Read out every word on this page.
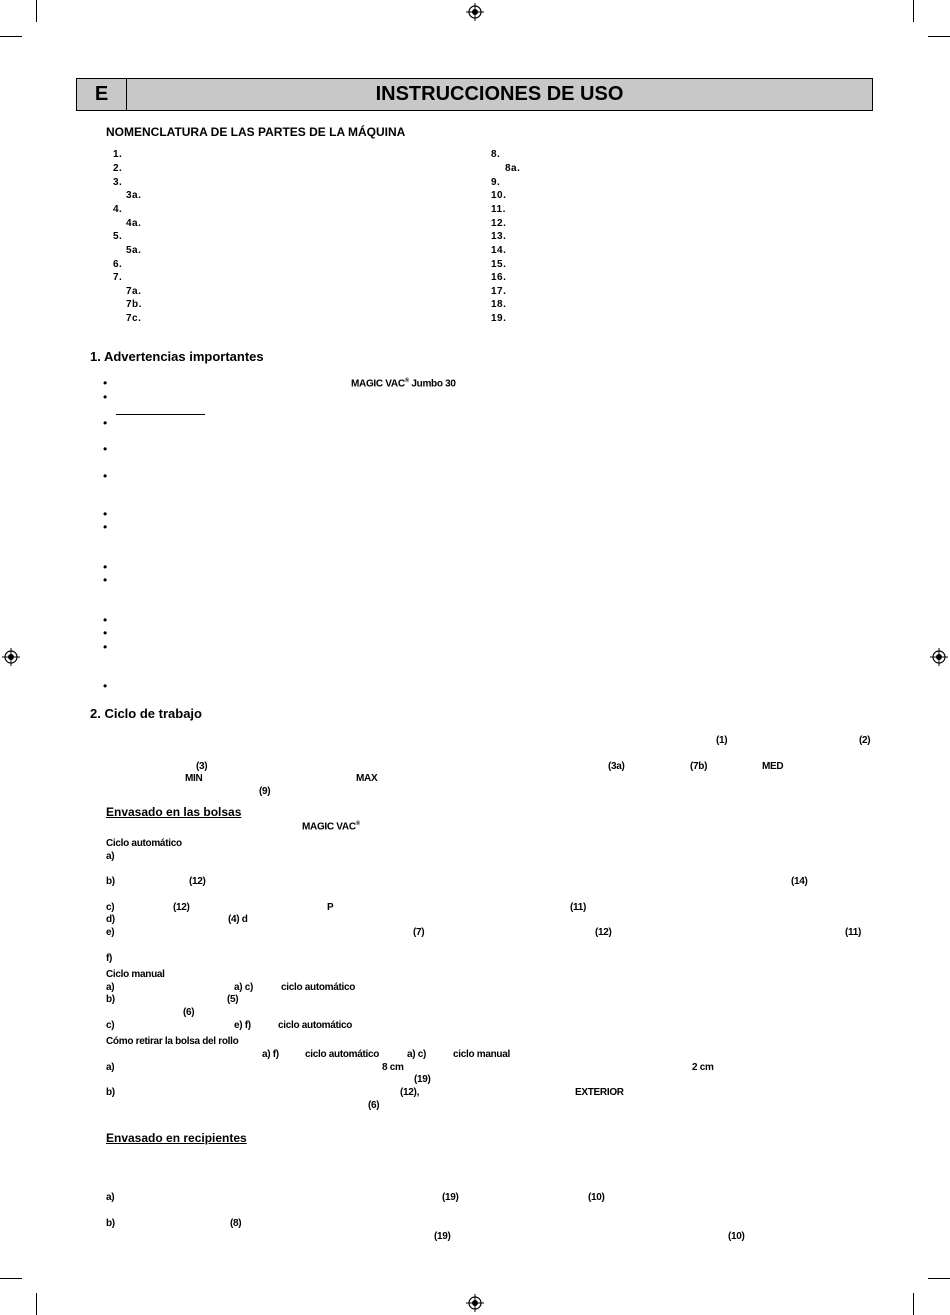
E	INSTRUCCIONES DE USO
NOMENCLATURA DE LAS PARTES DE LA MÁQUINA
1.
2.
3.
3a.
4.
4a.
5.
5a.
6.
7.
7a.
7b.
7c.
8.
8a.
9.
10.
11.
12.
13.
14.
15.
16.
17.
18.
19.
1. Advertencias importantes
•	MAGIC VAC® Jumbo 30
•
•
•
•
•
•
•
•
•
•
•
•
2. Ciclo de trabajo
(1)	(2)
(3)	(3a)	(7b)	MED
MIN	MAX
(9)
Envasado en las bolsas
MAGIC VAC®
Ciclo automático
a)
b)	(12)	(14)
c)	(12)	P	(11)
d)	(4) d
e)	(7)	(12)	(11)
f)
Ciclo manual
a)	a) c)	ciclo automático
b)	(5)
(6)
c)	e) f)	ciclo automático
Cómo retirar la bolsa del rollo
a) f)	ciclo automático	a) c)	ciclo manual
a)	8 cm	2 cm
(19)
b)	(12),	EXTERIOR
(6)
Envasado en recipientes
a)	(19)	(10)
b)	(8)
(19)	(10)
